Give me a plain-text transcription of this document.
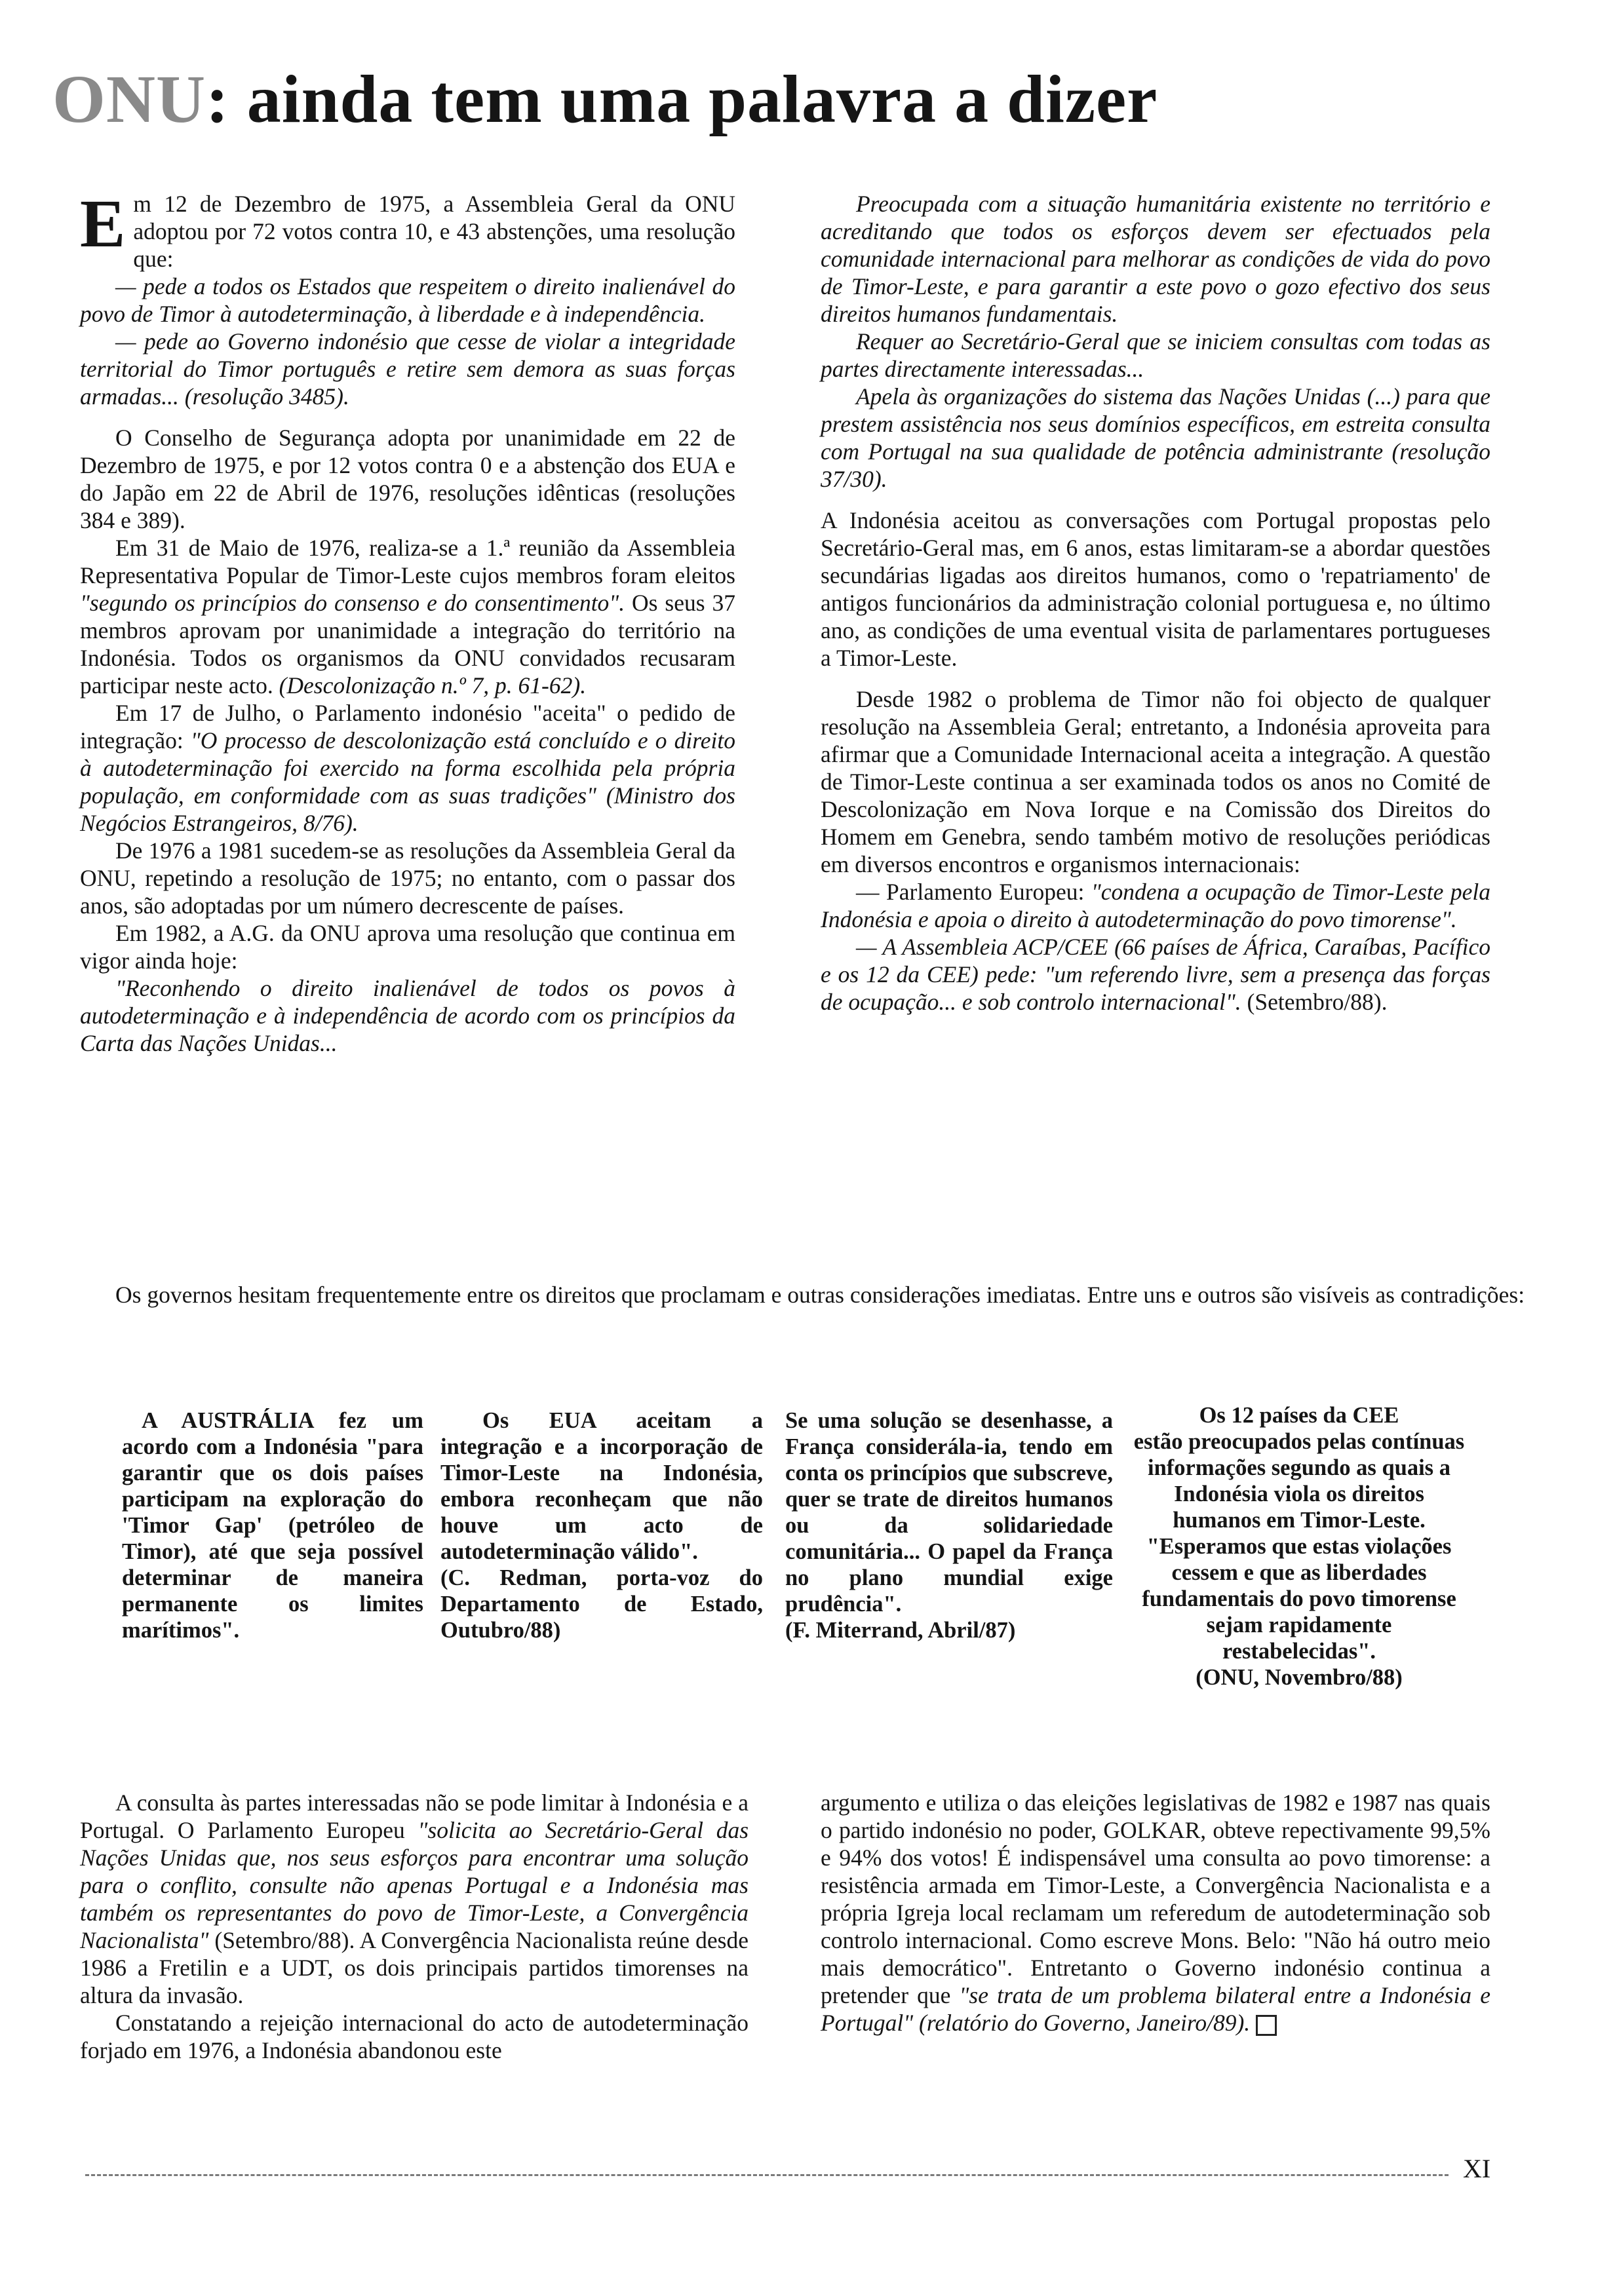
ONU: ainda tem uma palavra a dizer

Em 12 de Dezembro de 1975, a Assembleia Geral da ONU adoptou por 72 votos contra 10, e 43 abstenções, uma resolução que:

— pede a todos os Estados que respeitem o direito inalienável do povo de Timor à autodeterminação, à liberdade e à independência.

— pede ao Governo indonésio que cesse de violar a integridade territorial do Timor português e retire sem demora as suas forças armadas... (resolução 3485).

O Conselho de Segurança adopta por unanimidade em 22 de Dezembro de 1975, e por 12 votos contra 0 e a abstenção dos EUA e do Japão em 22 de Abril de 1976, resoluções idênticas (resoluções 384 e 389).

Em 31 de Maio de 1976, realiza-se a 1.ª reunião da Assembleia Representativa Popular de Timor-Leste cujos membros foram eleitos "segundo os princípios do consenso e do consentimento". Os seus 37 membros aprovam por unanimidade a integração do território na Indonésia. Todos os organismos da ONU convidados recusaram participar neste acto. (Descolonização n.º 7, p. 61-62).

Em 17 de Julho, o Parlamento indonésio "aceita" o pedido de integração: "O processo de descolonização está concluído e o direito à autodeterminação foi exercido na forma escolhida pela própria população, em conformidade com as suas tradições" (Ministro dos Negócios Estrangeiros, 8/76).

De 1976 a 1981 sucedem-se as resoluções da Assembleia Geral da ONU, repetindo a resolução de 1975; no entanto, com o passar dos anos, são adoptadas por um número decrescente de países.

Em 1982, a A.G. da ONU aprova uma resolução que continua em vigor ainda hoje:

"Reconhendo o direito inalienável de todos os povos à autodeterminação e à independência de acordo com os princípios da Carta das Nações Unidas...

Preocupada com a situação humanitária existente no território e acreditando que todos os esforços devem ser efectuados pela comunidade internacional para melhorar as condições de vida do povo de Timor-Leste, e para garantir a este povo o gozo efectivo dos seus direitos humanos fundamentais.

Requer ao Secretário-Geral que se iniciem consultas com todas as partes directamente interessadas...

Apela às organizações do sistema das Nações Unidas (...) para que prestem assistência nos seus domínios específicos, em estreita consulta com Portugal na sua qualidade de potência administrante (resolução 37/30).

A Indonésia aceitou as conversações com Portugal propostas pelo Secretário-Geral mas, em 6 anos, estas limitaram-se a abordar questões secundárias ligadas aos direitos humanos, como o 'repatriamento' de antigos funcionários da administração colonial portuguesa e, no último ano, as condições de uma eventual visita de parlamentares portugueses a Timor-Leste.

Desde 1982 o problema de Timor não foi objecto de qualquer resolução na Assembleia Geral; entretanto, a Indonésia aproveita para afirmar que a Comunidade Internacional aceita a integração. A questão de Timor-Leste continua a ser examinada todos os anos no Comité de Descolonização em Nova Iorque e na Comissão dos Direitos do Homem em Genebra, sendo também motivo de resoluções periódicas em diversos encontros e organismos internacionais:

— Parlamento Europeu: "condena a ocupação de Timor-Leste pela Indonésia e apoia o direito à autodeterminação do povo timorense".

— A Assembleia ACP/CEE (66 países de África, Caraíbas, Pacífico e os 12 da CEE) pede: "um referendo livre, sem a presença das forças de ocupação... e sob controlo internacional". (Setembro/88).

Os governos hesitam frequentemente entre os direitos que proclamam e outras considerações imediatas. Entre uns e outros são visíveis as contradições:

A AUSTRÁLIA fez um acordo com a Indonésia "para garantir que os dois países participam na exploração do 'Timor Gap' (petróleo de Timor), até que seja possível determinar de maneira permanente os limites marítimos".

Os EUA aceitam a integração e a incorporação de Timor-Leste na Indonésia, embora reconheçam que não houve um acto de autodeterminação válido".

(C. Redman, porta-voz do Departamento de Estado, Outubro/88)

Se uma solução se desenhasse, a França considerála-ia, tendo em conta os princípios que subscreve, quer se trate de direitos humanos ou da solidariedade comunitária... O papel da França no plano mundial exige prudência".

(F. Miterrand, Abril/87)

Os 12 países da CEE

estão preocupados pelas contínuas informações segundo as quais a Indonésia viola os direitos humanos em Timor-Leste. "Esperamos que estas violações cessem e que as liberdades fundamentais do povo timorense sejam rapidamente restabelecidas".

(ONU, Novembro/88)

A consulta às partes interessadas não se pode limitar à Indonésia e a Portugal. O Parlamento Europeu "solicita ao Secretário-Geral das Nações Unidas que, nos seus esforços para encontrar uma solução para o conflito, consulte não apenas Portugal e a Indonésia mas também os representantes do povo de Timor-Leste, a Convergência Nacionalista" (Setembro/88). A Convergência Nacionalista reúne desde 1986 a Fretilin e a UDT, os dois principais partidos timorenses na altura da invasão.

Constatando a rejeição internacional do acto de autodeterminação forjado em 1976, a Indonésia abandonou este

argumento e utiliza o das eleições legislativas de 1982 e 1987 nas quais o partido indonésio no poder, GOLKAR, obteve repectivamente 99,5% e 94% dos votos! É indispensável uma consulta ao povo timorense: a resistência armada em Timor-Leste, a Convergência Nacionalista e a própria Igreja local reclamam um referedum de autodeterminação sob controlo internacional. Como escreve Mons. Belo: "Não há outro meio mais democrático". Entretanto o Governo indonésio continua a pretender que "se trata de um problema bilateral entre a Indonésia e Portugal" (relatório do Governo, Janeiro/89).

XI
